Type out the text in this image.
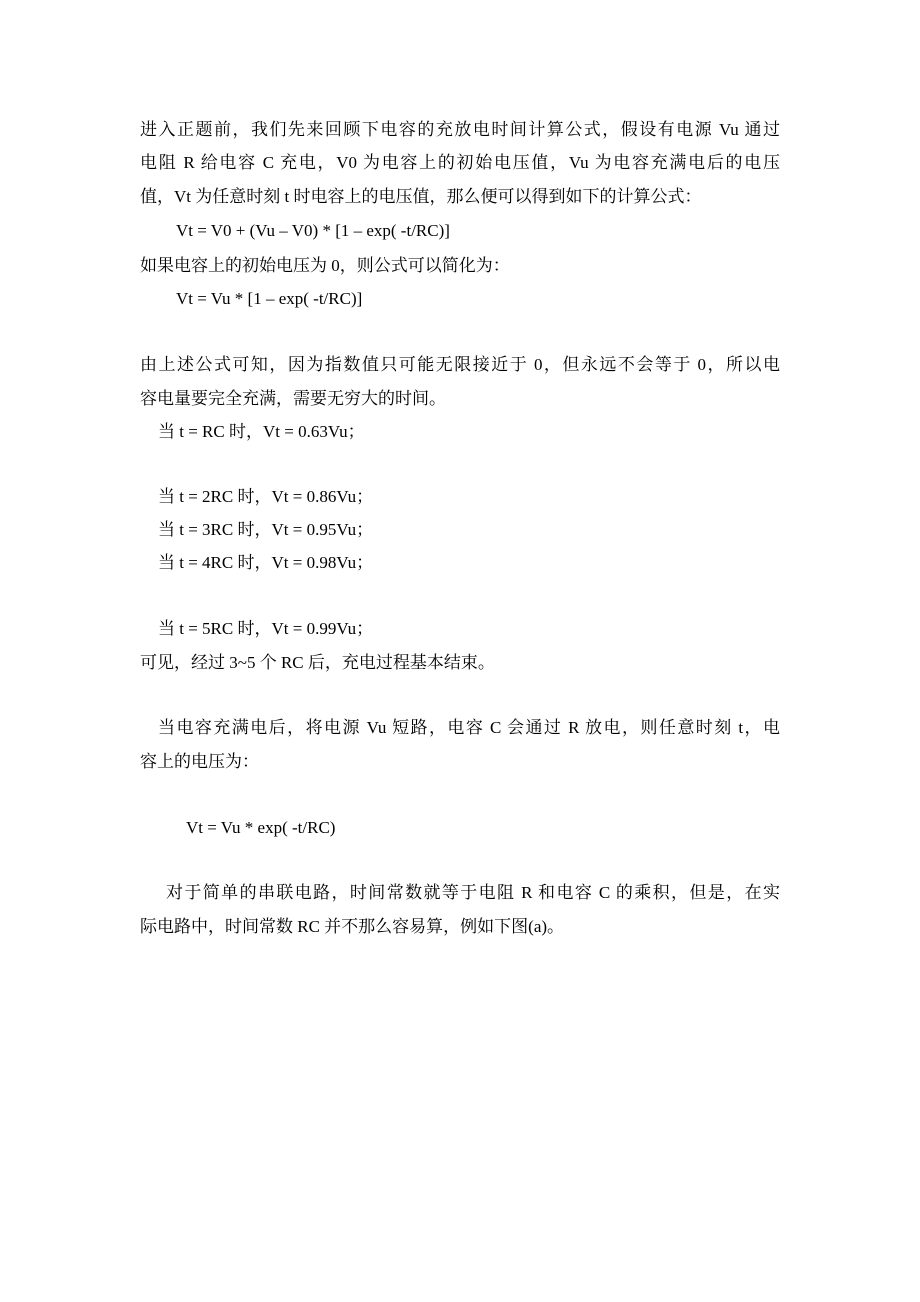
进入正题前，我们先来回顾下电容的充放电时间计算公式，假设有电源 Vu 通过
电阻 R 给电容 C 充电，V0 为电容上的初始电压值，Vu 为电容充满电后的电压
值，Vt 为任意时刻 t 时电容上的电压值，那么便可以得到如下的计算公式：
Vt = V0 + (Vu – V0) * [1 – exp( -t/RC)]
如果电容上的初始电压为 0，则公式可以简化为：
Vt = Vu * [1 – exp( -t/RC)]
由上述公式可知，因为指数值只可能无限接近于 0，但永远不会等于 0，所以电
容电量要完全充满，需要无穷大的时间。
当 t = RC 时，Vt = 0.63Vu；
当 t = 2RC 时，Vt = 0.86Vu；
当 t = 3RC 时，Vt = 0.95Vu；
当 t = 4RC 时，Vt = 0.98Vu；
当 t = 5RC 时，Vt = 0.99Vu；
可见，经过 3~5 个 RC 后，充电过程基本结束。
当电容充满电后，将电源 Vu 短路，电容 C 会通过 R 放电，则任意时刻 t，电
容上的电压为：
Vt = Vu * exp( -t/RC)
对于简单的串联电路，时间常数就等于电阻 R 和电容 C 的乘积，但是，在实
际电路中，时间常数 RC 并不那么容易算，例如下图(a)。
